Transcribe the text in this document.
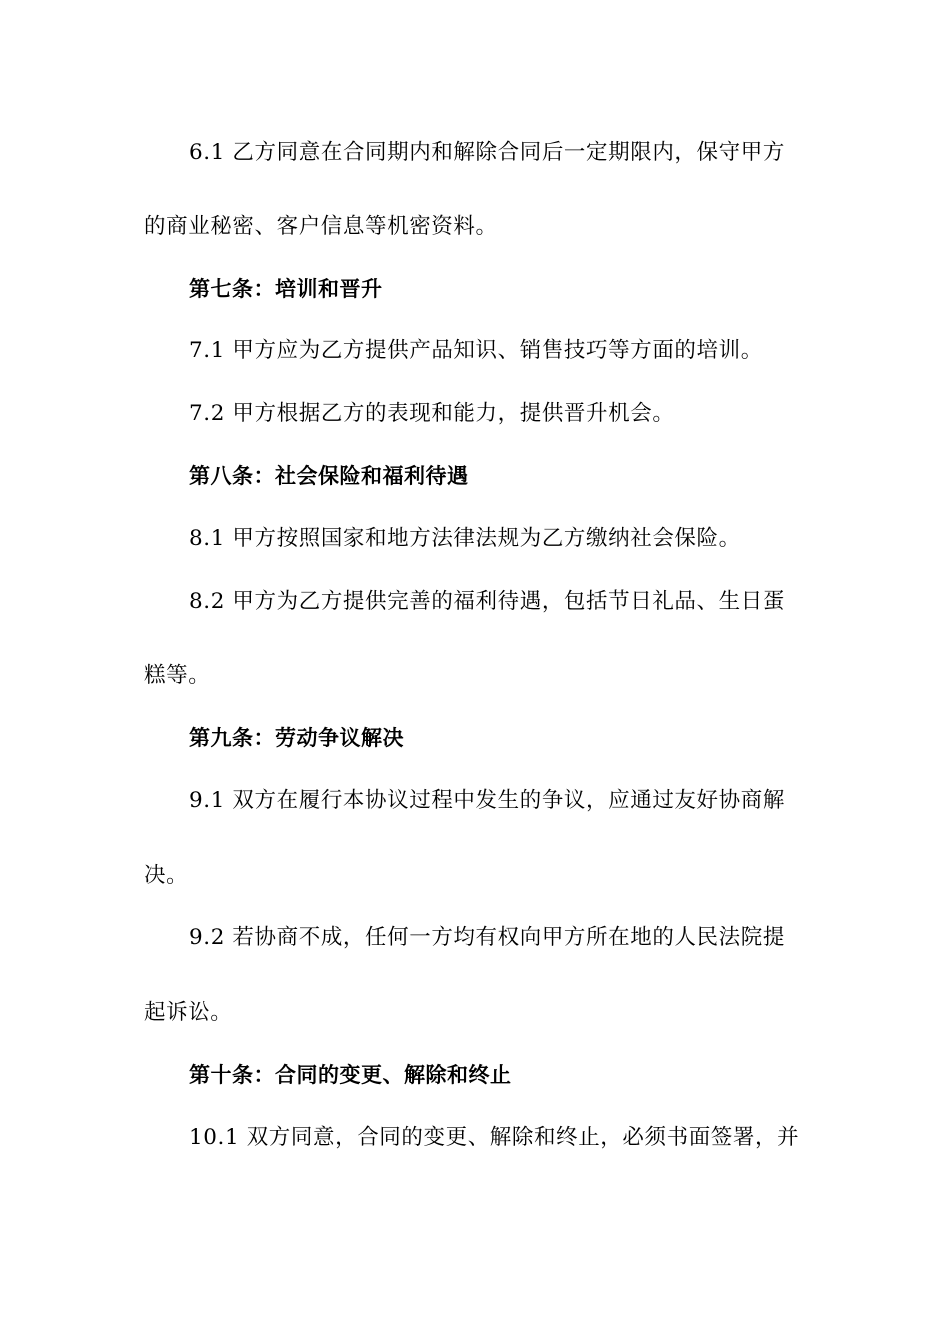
6.1 乙方同意在合同期内和解除合同后一定期限内，保守甲方
的商业秘密、客户信息等机密资料。
第七条：培训和晋升
7.1 甲方应为乙方提供产品知识、销售技巧等方面的培训。
7.2 甲方根据乙方的表现和能力，提供晋升机会。
第八条：社会保险和福利待遇
8.1 甲方按照国家和地方法律法规为乙方缴纳社会保险。
8.2 甲方为乙方提供完善的福利待遇，包括节日礼品、生日蛋
糕等。
第九条：劳动争议解决
9.1 双方在履行本协议过程中发生的争议，应通过友好协商解
决。
9.2 若协商不成，任何一方均有权向甲方所在地的人民法院提
起诉讼。
第十条：合同的变更、解除和终止
10.1 双方同意，合同的变更、解除和终止，必须书面签署，并
